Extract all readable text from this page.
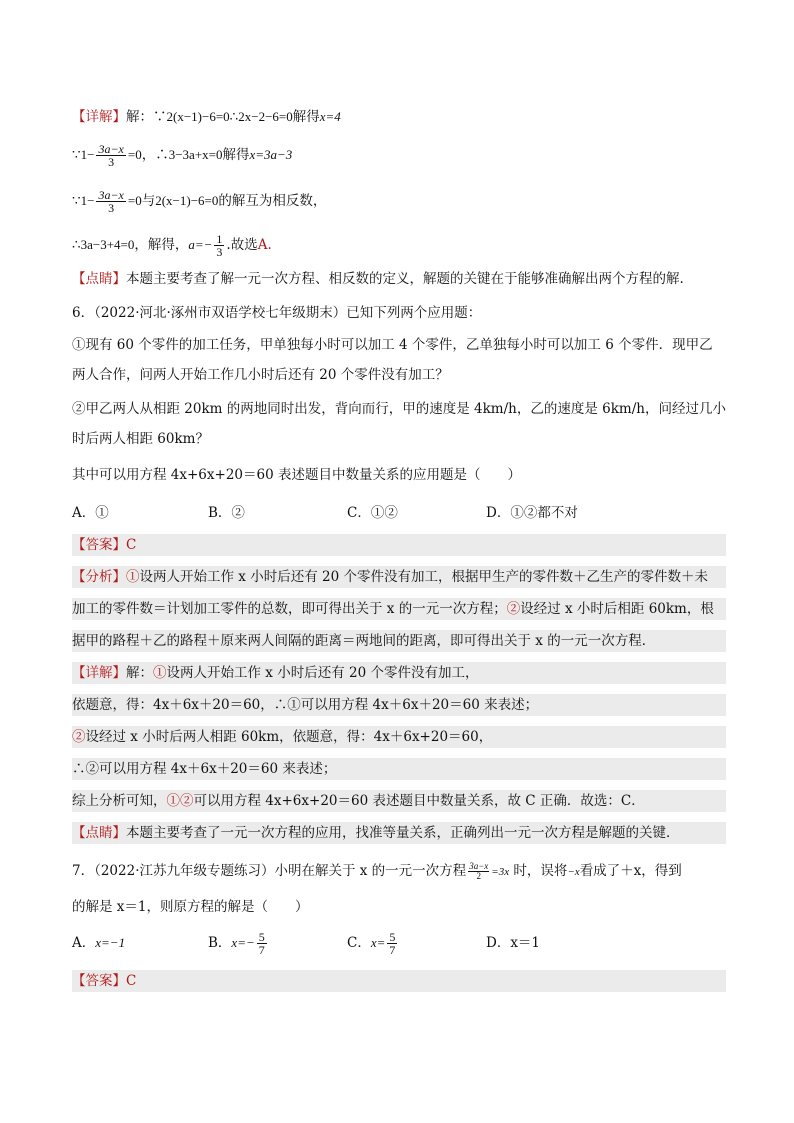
【详解】解：∵2(x−1)−6=0∴2x−2−6=0解得x=4
∵1− $\frac{3a-x}{3} =0$，∴3−3a+x=0解得x=3a−3
∵1− $\frac{3a-x}{3} =0$与2(x−1)−6=0的解互为相反数，
∴3a−3+4=0，解得，$a=- \frac{1}{3}$ .故选A.
【点睛】本题主要考查了解一元一次方程、相反数的定义，解题的关键在于能够准确解出两个方程的解.
6．（2022·河北·涿州市双语学校七年级期末）已知下列两个应用题：
①现有 60 个零件的加工任务，甲单独每小时可以加工 4 个零件，乙单独每小时可以加工 6 个零件．现甲乙
两人合作，问两人开始工作几小时后还有 20 个零件没有加工？
②甲乙两人从相距 20km 的两地同时出发，背向而行，甲的速度是 4km/h，乙的速度是 6km/h，问经过几小
时后两人相距 60km？
其中可以用方程 4x+6x+20＝60 表述题目中数量关系的应用题是（　　）
A．①	B．②	C．①②	D．①②都不对
【答案】C
【分析】①设两人开始工作 x 小时后还有 20 个零件没有加工，根据甲生产的零件数＋乙生产的零件数＋未
加工的零件数＝计划加工零件的总数，即可得出关于 x 的一元一次方程；②设经过 x 小时后相距 60km，根
据甲的路程＋乙的路程＋原来两人间隔的距离＝两地间的距离，即可得出关于 x 的一元一次方程．
【详解】解：①设两人开始工作 x 小时后还有 20 个零件没有加工，
依题意，得：4x＋6x＋20＝60，∴①可以用方程 4x＋6x＋20＝60 来表述；
②设经过 x 小时后两人相距 60km，依题意，得：4x＋6x+20＝60，
∴②可以用方程 4x＋6x＋20＝60 来表述；
综上分析可知，①②可以用方程 4x+6x+20＝60 表述题目中数量关系，故 C 正确．故选：C．
【点睛】本题主要考查了一元一次方程的应用，找准等量关系，正确列出一元一次方程是解题的关键．
7．（2022·江苏九年级专题练习）小明在解关于 x 的一元一次方程 $\frac{3a-x}{2} =3x$ 时，误将−x看成了＋x，得到
的解是 x＝1，则原方程的解是（　　）
A．x=−1	B．$x=- \frac{5}{7}$	C．$x= \frac{5}{7}$	D．x＝1
【答案】C
